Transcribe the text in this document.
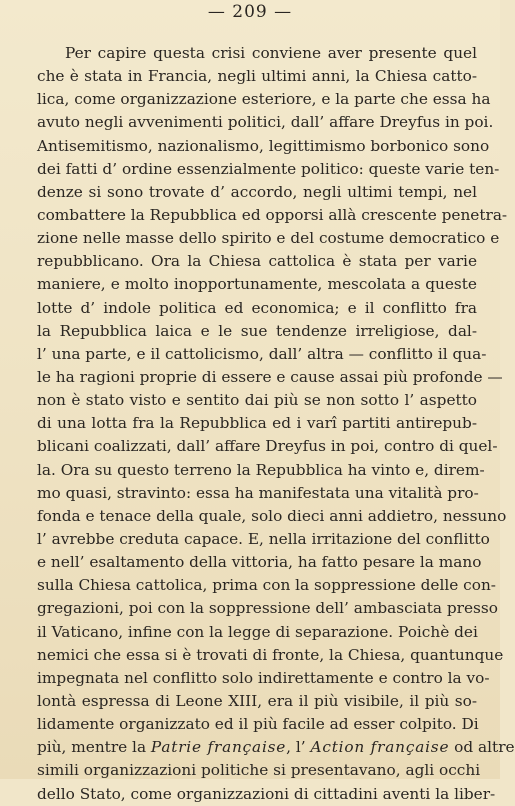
— 209 —
Per capire questa crisi conviene aver presente quel
che è stata in Francia, negli ultimi anni, la Chiesa catto-
lica, come organizzazione esteriore, e la parte che essa ha
avuto negli avvenimenti politici, dall’ affare Dreyfus in poi.
Antisemitismo, nazionalismo, legittimismo borbonico sono
dei fatti d’ ordine essenzialmente politico: queste varie ten-
denze si sono trovate d’ accordo, negli ultimi tempi, nel
combattere la Repubblica ed opporsi allà crescente penetra-
zione nelle masse dello spirito e del costume democratico e
repubblicano. Ora la Chiesa cattolica è stata per varie
maniere, e molto inopportunamente, mescolata a queste
lotte d’ indole politica ed economica; e il conflitto fra
la Repubblica laica e le sue tendenze irreligiose, dal-
l’ una parte, e il cattolicismo, dall’ altra — conflitto il qua-
le ha ragioni proprie di essere e cause assai più profonde —
non è stato visto e sentito dai più se non sotto l’ aspetto
di una lotta fra la Repubblica ed i varî partiti antirepub-
blicani coalizzati, dall’ affare Dreyfus in poi, contro di quel-
la. Ora su questo terreno la Repubblica ha vinto e, direm-
mo quasi, stravinto: essa ha manifestata una vitalità pro-
fonda e tenace della quale, solo dieci anni addietro, nessuno
l’ avrebbe creduta capace. E, nella irritazione del conflitto
e nell’ esaltamento della vittoria, ha fatto pesare la mano
sulla Chiesa cattolica, prima con la soppressione delle con-
gregazioni, poi con la soppressione dell’ ambasciata presso
il Vaticano, infine con la legge di separazione. Poichè dei
nemici che essa si è trovati di fronte, la Chiesa, quantunque
impegnata nel conflitto solo indirettamente e contro la vo-
lontà espressa di Leone XIII, era il più visibile, il più so-
lidamente organizzato ed il più facile ad esser colpito. Di
più, mentre la Patrie française, l’ Action française od altre
simili organizzazioni politiche si presentavano, agli occhi
dello Stato, come organizzazioni di cittadini aventi la liber-
